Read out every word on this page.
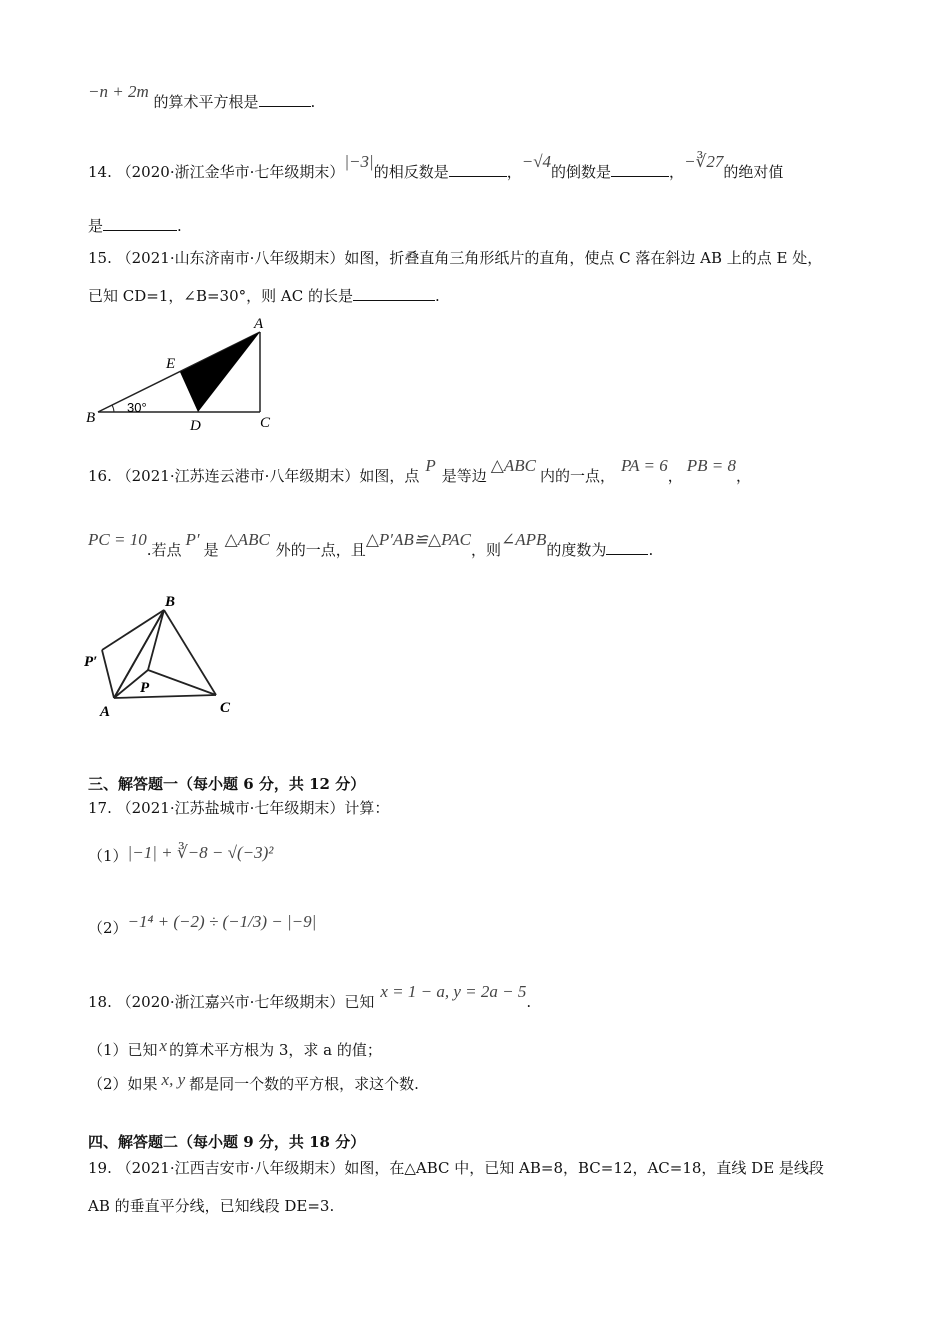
−n + 2m 的算术平方根是	.
14. （2020·浙江金华市·七年级期末）|−3|的相反数是	，−√4的倒数是	，−∛27的绝对值
是	.
15. （2021·山东济南市·八年级期末）如图，折叠直角三角形纸片的直角，使点 C 落在斜边 AB 上的点 E 处，
已知 CD=1，∠B=30°，则 AC 的长是	.
A
B	C
D
E
30°
16. （2021·江苏连云港市·八年级期末）如图，点P是等边△ABC内的一点，PA = 6，PB = 8，
PC = 10.若点P′是△ABC外的一点，且△P′AB≌△PAC，则∠APB的度数为	.
B
A	C
P
P′
三、解答题一（每小题 6 分，共 12 分）
17. （2021·江苏盐城市·七年级期末）计算：
（1）|−1| + ∛−8 − √(−3)²
（2）−1⁴ + (−2) ÷ (−1/3) − |−9|
18. （2020·浙江嘉兴市·七年级期末）已知x = 1 − a, y = 2a − 5.
（1）已知 x 的算术平方根为 3，求 a 的值；
（2）如果 x, y 都是同一个数的平方根，求这个数.
四、解答题二（每小题 9 分，共 18 分）
19. （2021·江西吉安市·八年级期末）如图，在△ABC 中，已知 AB=8，BC=12，AC=18，直线 DE 是线段
AB 的垂直平分线，已知线段 DE=3.
